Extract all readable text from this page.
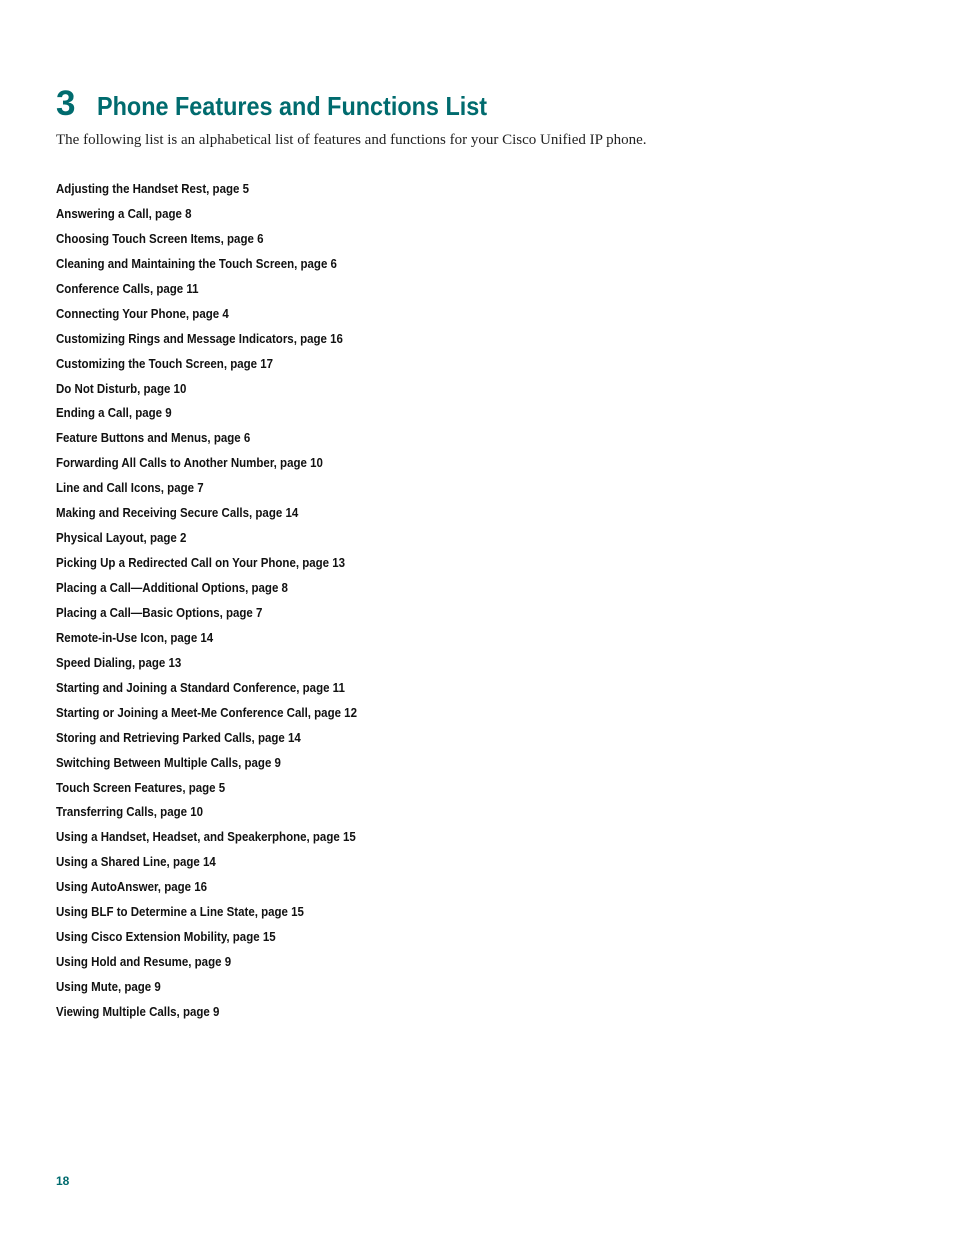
3 Phone Features and Functions List
The following list is an alphabetical list of features and functions for your Cisco Unified IP phone.
Adjusting the Handset Rest, page 5
Answering a Call, page 8
Choosing Touch Screen Items, page 6
Cleaning and Maintaining the Touch Screen, page 6
Conference Calls, page 11
Connecting Your Phone, page 4
Customizing Rings and Message Indicators, page 16
Customizing the Touch Screen, page 17
Do Not Disturb, page 10
Ending a Call, page 9
Feature Buttons and Menus, page 6
Forwarding All Calls to Another Number, page 10
Line and Call Icons, page 7
Making and Receiving Secure Calls, page 14
Physical Layout, page 2
Picking Up a Redirected Call on Your Phone, page 13
Placing a Call—Additional Options, page 8
Placing a Call—Basic Options, page 7
Remote-in-Use Icon, page 14
Speed Dialing, page 13
Starting and Joining a Standard Conference, page 11
Starting or Joining a Meet-Me Conference Call, page 12
Storing and Retrieving Parked Calls, page 14
Switching Between Multiple Calls, page 9
Touch Screen Features, page 5
Transferring Calls, page 10
Using a Handset, Headset, and Speakerphone, page 15
Using a Shared Line, page 14
Using AutoAnswer, page 16
Using BLF to Determine a Line State, page 15
Using Cisco Extension Mobility, page 15
Using Hold and Resume, page 9
Using Mute, page 9
Viewing Multiple Calls, page 9
18
